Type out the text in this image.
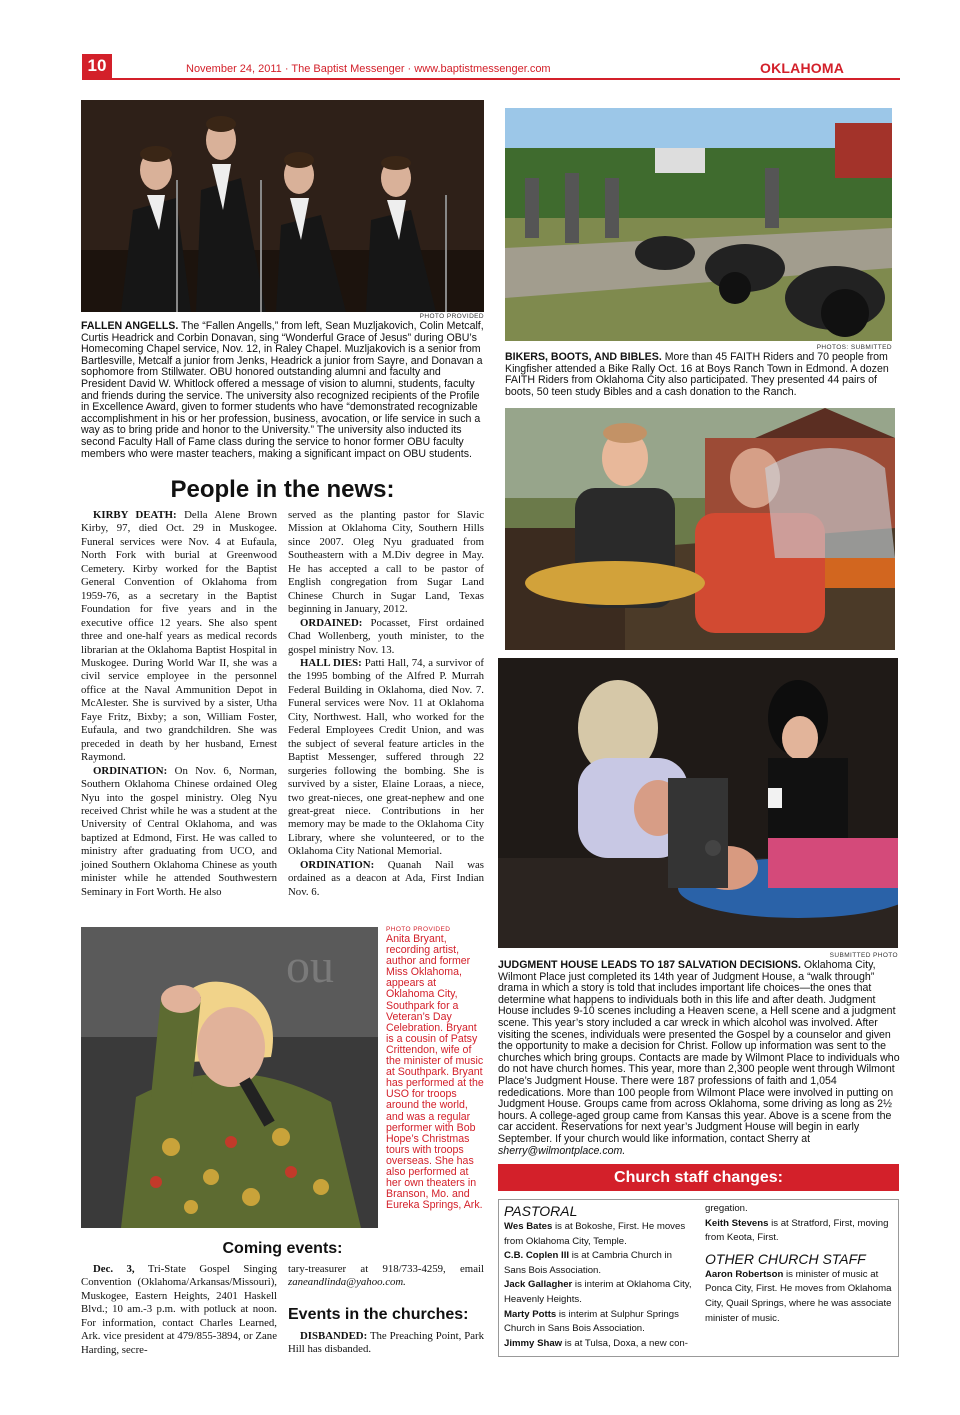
10	November 24, 2011 · The Baptist Messenger · www.baptistmessenger.com	OKLAHOMA
PHOTO PROVIDED
FALLEN ANGELLS. The “Fallen Angells,” from left, Sean Muzljakovich, Colin Metcalf, Curtis Headrick and Corbin Donavan, sing “Wonderful Grace of Jesus” during OBU’s Homecoming Chapel service, Nov. 12, in Raley Chapel. Muzljakovich is a senior from Bartlesville, Metcalf a junior from Jenks, Headrick a junior from Sayre, and Donavan a sophomore from Stillwater. OBU honored outstanding alumni and faculty and President David W. Whitlock offered a message of vision to alumni, students, faculty and friends during the service. The university also recognized recipients of the Profile in Excellence Award, given to former students who have “demonstrated recognizable accomplishment in his or her profession, business, avocation, or life service in such a way as to bring pride and honor to the University.” The university also inducted its second Faculty Hall of Fame class during the service to honor former OBU faculty members who were master teachers, making a significant impact on OBU students.
PHOTOS: SUBMITTED
BIKERS, BOOTS, AND BIBLES. More than 45 FAITH Riders and 70 people from Kingfisher attended a Bike Rally Oct. 16 at Boys Ranch Town in Edmond. A dozen FAITH Riders from Oklahoma City also participated. They presented 44 pairs of boots, 50 teen study Bibles and a cash donation to the Ranch.
People in the news:

KIRBY DEATH: Della Alene Brown Kirby, 97, died Oct. 29 in Muskogee. Funeral services were Nov. 4 at Eufaula, North Fork with burial at Greenwood Cemetery. Kirby worked for the Baptist General Convention of Oklahoma from 1959-76, as a secretary in the Baptist Foundation for five years and in the executive office 12 years. She also spent three and one-half years as medical records librarian at the Oklahoma Baptist Hospital in Muskogee. During World War II, she was a civil service employee in the personnel office at the Naval Ammunition Depot in McAlester. She is survived by a sister, Utha Faye Fritz, Bixby; a son, William Foster, Eufaula, and two grandchildren. She was preceded in death by her husband, Ernest Raymond.

ORDINATION: On Nov. 6, Norman, Southern Oklahoma Chinese ordained Oleg Nyu into the gospel ministry. Oleg Nyu received Christ while he was a student at the University of Central Oklahoma, and was baptized at Edmond, First. He was called to ministry after graduating from UCO, and joined Southern Oklahoma Chinese as youth minister while he attended Southwestern Seminary in Fort Worth. He also

served as the planting pastor for Slavic Mission at Oklahoma City, Southern Hills since 2007. Oleg Nyu graduated from Southeastern with a M.Div degree in May. He has accepted a call to be pastor of English congregation from Sugar Land Chinese Church in Sugar Land, Texas beginning in January, 2012.

ORDAINED: Pocasset, First ordained Chad Wollenberg, youth minister, to the gospel ministry Nov. 13.

HALL DIES: Patti Hall, 74, a survivor of the 1995 bombing of the Alfred P. Murrah Federal Building in Oklahoma, died Nov. 7. Funeral services were Nov. 11 at Oklahoma City, Northwest. Hall, who worked for the Federal Employees Credit Union, and was the subject of several feature articles in the Baptist Messenger, suffered through 22 surgeries following the bombing. She is survived by a sister, Elaine Loraas, a niece, two great-nieces, one great-nephew and one great-great niece. Contributions in her memory may be made to the Oklahoma City Library, where she volunteered, or to the Oklahoma City National Memorial.

ORDINATION: Quanah Nail was ordained as a deacon at Ada, First Indian Nov. 6.

SUBMITTED PHOTO
JUDGMENT HOUSE LEADS TO 187 SALVATION DECISIONS. Oklahoma City, Wilmont Place just completed its 14th year of Judgment House, a “walk through” drama in which a story is told that includes important life choices—the ones that determine what happens to individuals both in this life and after death. Judgment House includes 9-10 scenes including a Heaven scene, a Hell scene and a judgment scene. This year’s story included a car wreck in which alcohol was involved. After visiting the scenes, individuals were presented the Gospel by a counselor and given the opportunity to make a decision for Christ. Follow up information was sent to the churches which bring groups. Contacts are made by Wilmont Place to individuals who do not have church homes. This year, more than 2,300 people went through Wilmont Place’s Judgment House. There were 187 professions of faith and 1,054 rededications. More than 100 people from Wilmont Place were involved in putting on Judgment House. Groups came from across Oklahoma, some driving as long as 2½ hours. A college-aged group came from Kansas this year. Above is a scene from the car accident. Reservations for next year’s Judgment House will begin in early September. If your church would like information, contact Sherry at sherry@wilmontplace.com.
ou
PHOTO PROVIDED
Anita Bryant, recording artist, author and former Miss Oklahoma, appears at Oklahoma City, Southpark for a Veteran’s Day Celebration. Bryant is a cousin of Patsy Crittendon, wife of the minister of music at Southpark. Bryant has performed at the USO for troops around the world, and was a regular performer with Bob Hope’s Christmas tours with troops overseas. She has also performed at her own theaters in Branson, Mo. and Eureka Springs, Ark.
Coming events:

Dec. 3, Tri-State Gospel Singing Convention (Oklahoma/Arkansas/Missouri), Muskogee, Eastern Heights, 2401 Haskell Blvd.; 10 am.-3 p.m. with potluck at noon. For information, contact Charles Learned, Ark. vice president at 479/855-3894, or Zane Harding, secre-

tary-treasurer at 918/733-4259, email zaneandlinda@yahoo.com.

Events in the churches:

DISBANDED: The Preaching Point, Park Hill has disbanded.

Church staff changes:
PASTORAL
Wes Bates is at Bokoshe, First. He moves from Oklahoma City, Temple.
C.B. Coplen III is at Cambria Church in Sans Bois Association.
Jack Gallagher is interim at Oklahoma City, Heavenly Heights.
Marty Potts is interim at Sulphur Springs Church in Sans Bois Association.
Jimmy Shaw is at Tulsa, Doxa, a new con-
gregation.
Keith Stevens is at Stratford, First, moving from Keota, First.
OTHER CHURCH STAFF
Aaron Robertson is minister of music at Ponca City, First. He moves from Oklahoma City, Quail Springs, where he was associate minister of music.
